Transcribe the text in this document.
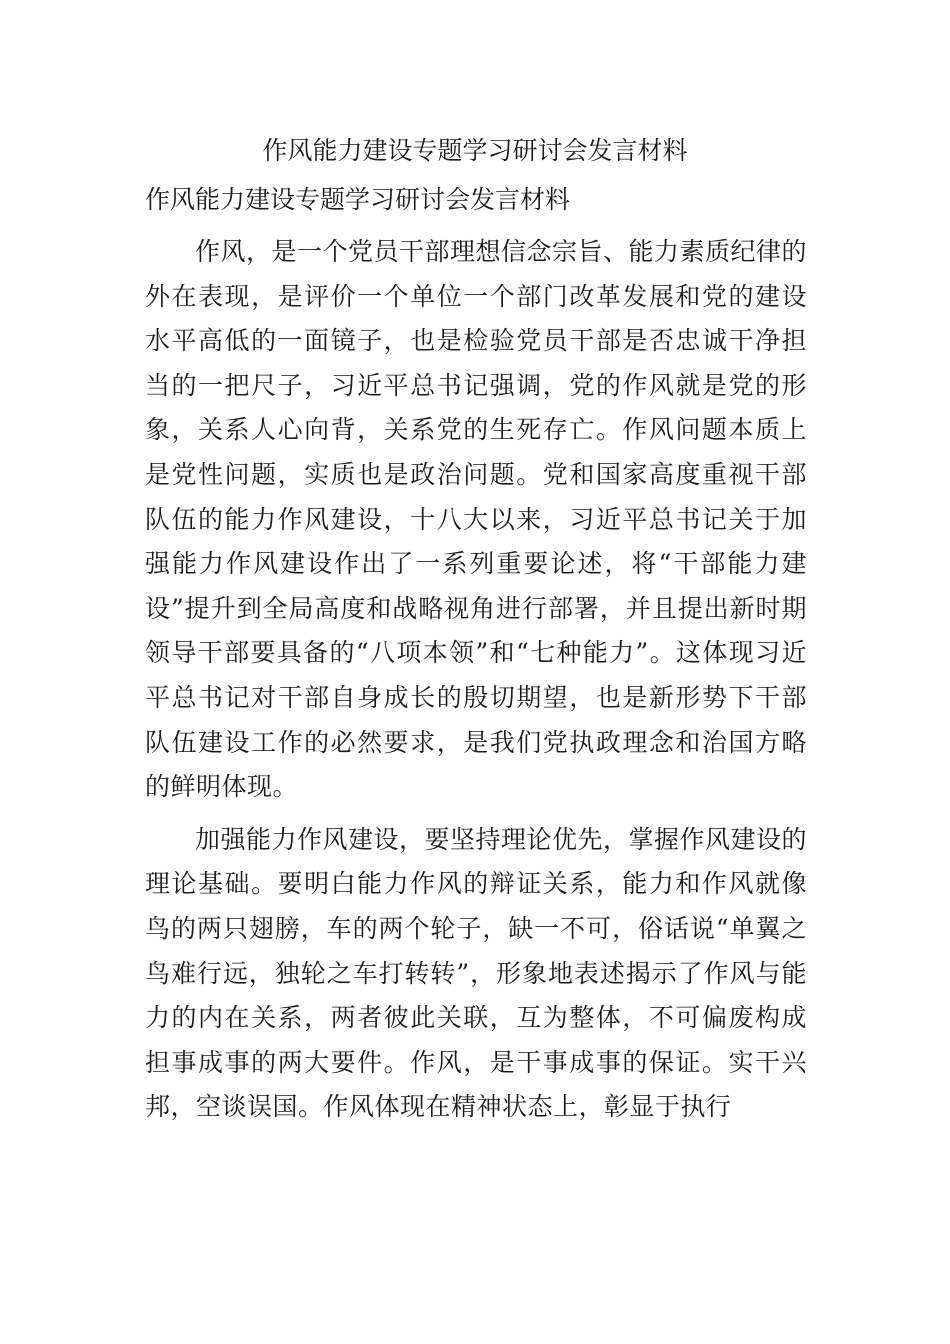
作风能力建设专题学习研讨会发言材料
作风能力建设专题学习研讨会发言材料

作风，是一个党员干部理想信念宗旨、能力素质纪律的外在表现，是评价一个单位一个部门改革发展和党的建设水平高低的一面镜子，也是检验党员干部是否忠诚干净担当的一把尺子，习近平总书记强调，党的作风就是党的形象，关系人心向背，关系党的生死存亡。作风问题本质上是党性问题，实质也是政治问题。党和国家高度重视干部队伍的能力作风建设，十八大以来，习近平总书记关于加强能力作风建设作出了一系列重要论述，将“干部能力建设”提升到全局高度和战略视角进行部署，并且提出新时期领导干部要具备的“八项本领”和“七种能力”。这体现习近平总书记对干部自身成长的殷切期望，也是新形势下干部队伍建设工作的必然要求，是我们党执政理念和治国方略的鲜明体现。

加强能力作风建设，要坚持理论优先，掌握作风建设的理论基础。要明白能力作风的辩证关系，能力和作风就像鸟的两只翅膀，车的两个轮子，缺一不可，俗话说“单翼之鸟难行远，独轮之车打转转”，形象地表述揭示了作风与能力的内在关系，两者彼此关联，互为整体，不可偏废构成担事成事的两大要件。作风，是干事成事的保证。实干兴邦，空谈误国。作风体现在精神状态上，彰显于执行
